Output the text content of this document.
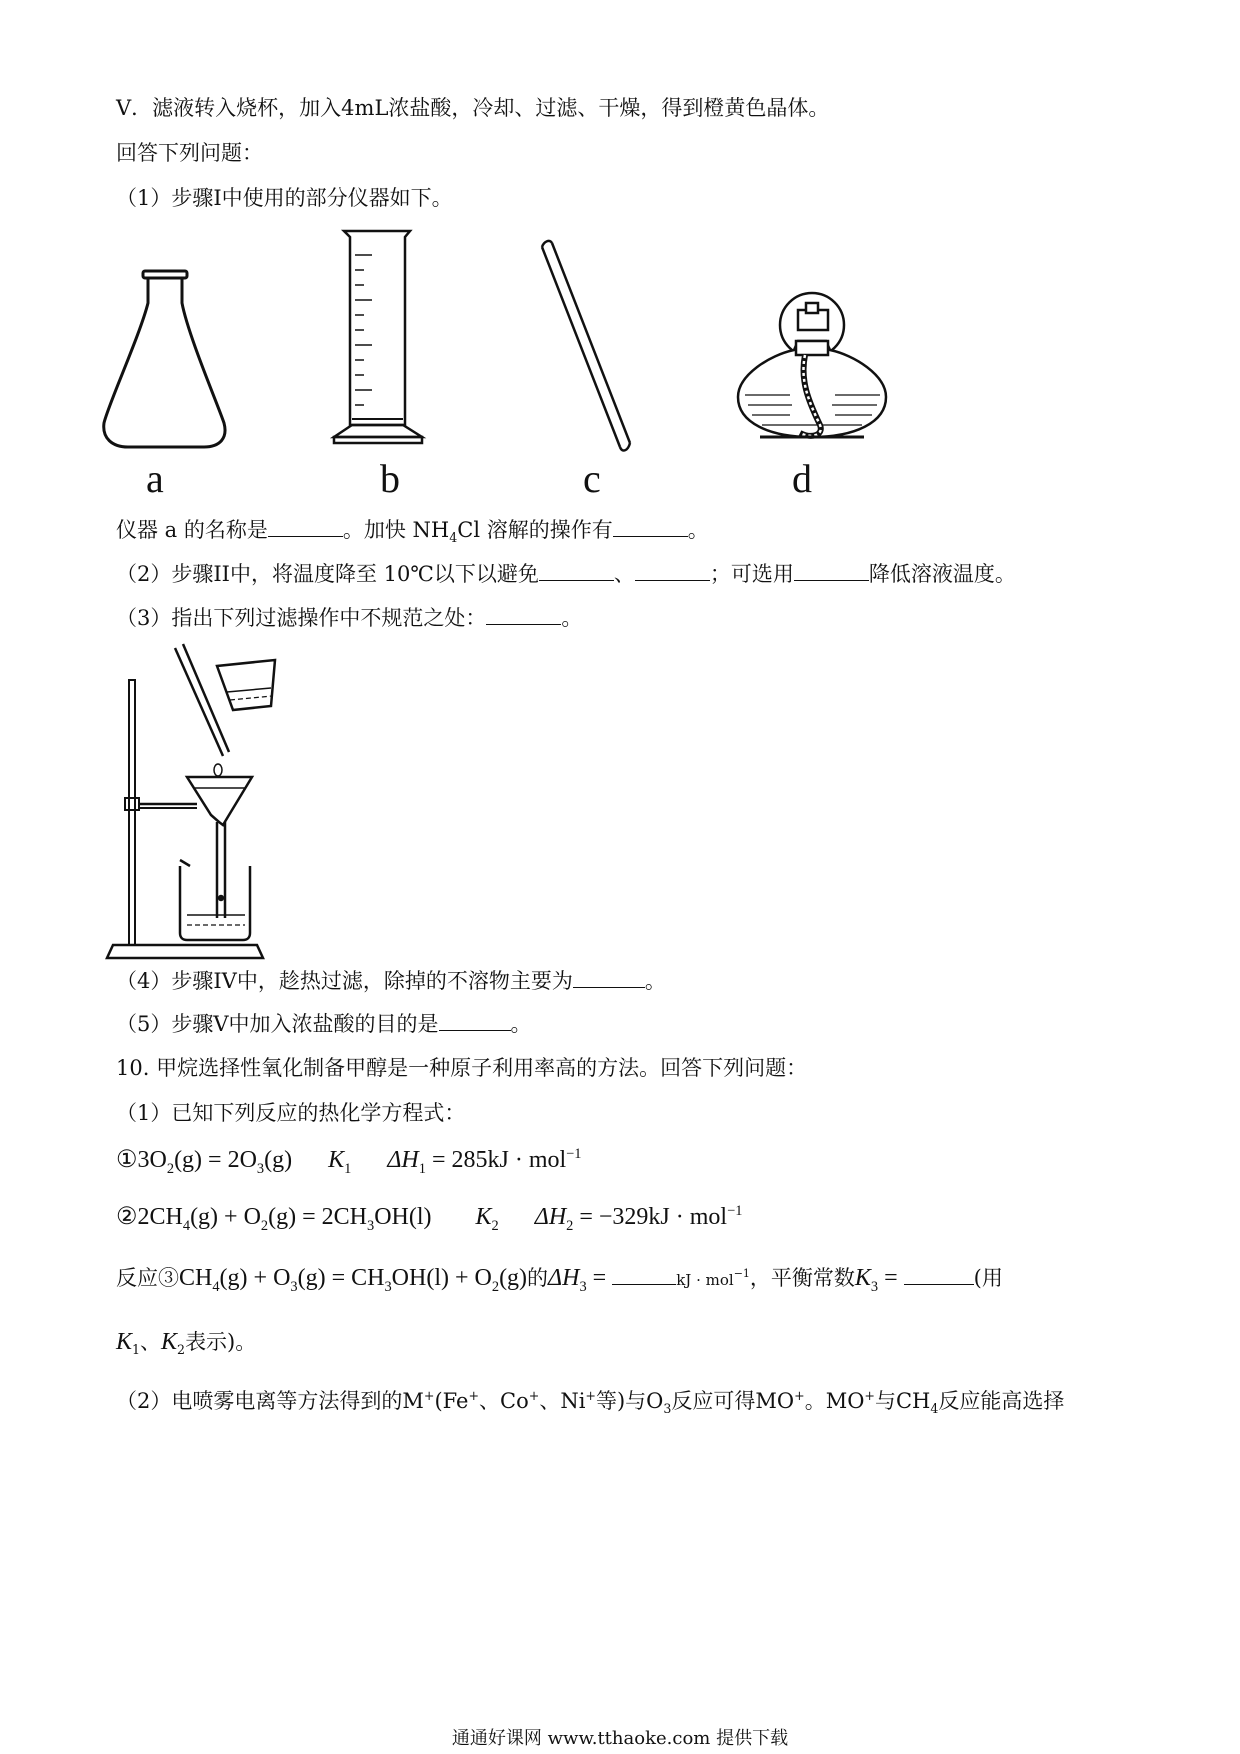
V．滤液转入烧杯，加入4mL浓盐酸，冷却、过滤、干燥，得到橙黄色晶体。
回答下列问题：
（1）步骤I中使用的部分仪器如下。
a	b	c	d
仪器 a 的名称是	。加快 $NH_4Cl$ 溶解的操作有	。
（2）步骤II中，将温度降至 10℃以下以避免	、	；可选用	降低溶液温度。
（3）指出下列过滤操作中不规范之处：	。
（4）步骤IV中，趁热过滤，除掉的不溶物主要为	。
（5）步骤V中加入浓盐酸的目的是	。
10. 甲烷选择性氧化制备甲醇是一种原子利用率高的方法。回答下列问题：
（1）已知下列反应的热化学方程式：
$①3O_2(g) = 2O_3(g)$ $K_1$ $\Delta H_1 = 285kJ \cdot mol^{-1}$
$②2CH_4(g) + O_2(g) = 2CH_3OH(l)$ $K_2$ $\Delta H_2 = -329kJ \cdot mol^{-1}$
反应$③CH_4(g) + O_3(g) = CH_3OH(l) + O_2(g)$的$\Delta H_3$ =	kJ · mol$^{-1}$，平衡常数$K_3$ =	(用
$K_1$、$K_2$表示)。
（2）电喷雾电离等方法得到的M+(Fe+、Co+、Ni+等)与$O_3$反应可得MO+。MO+与$CH_4$反应能高选择
通通好课网 www.tthaoke.com 提供下载
